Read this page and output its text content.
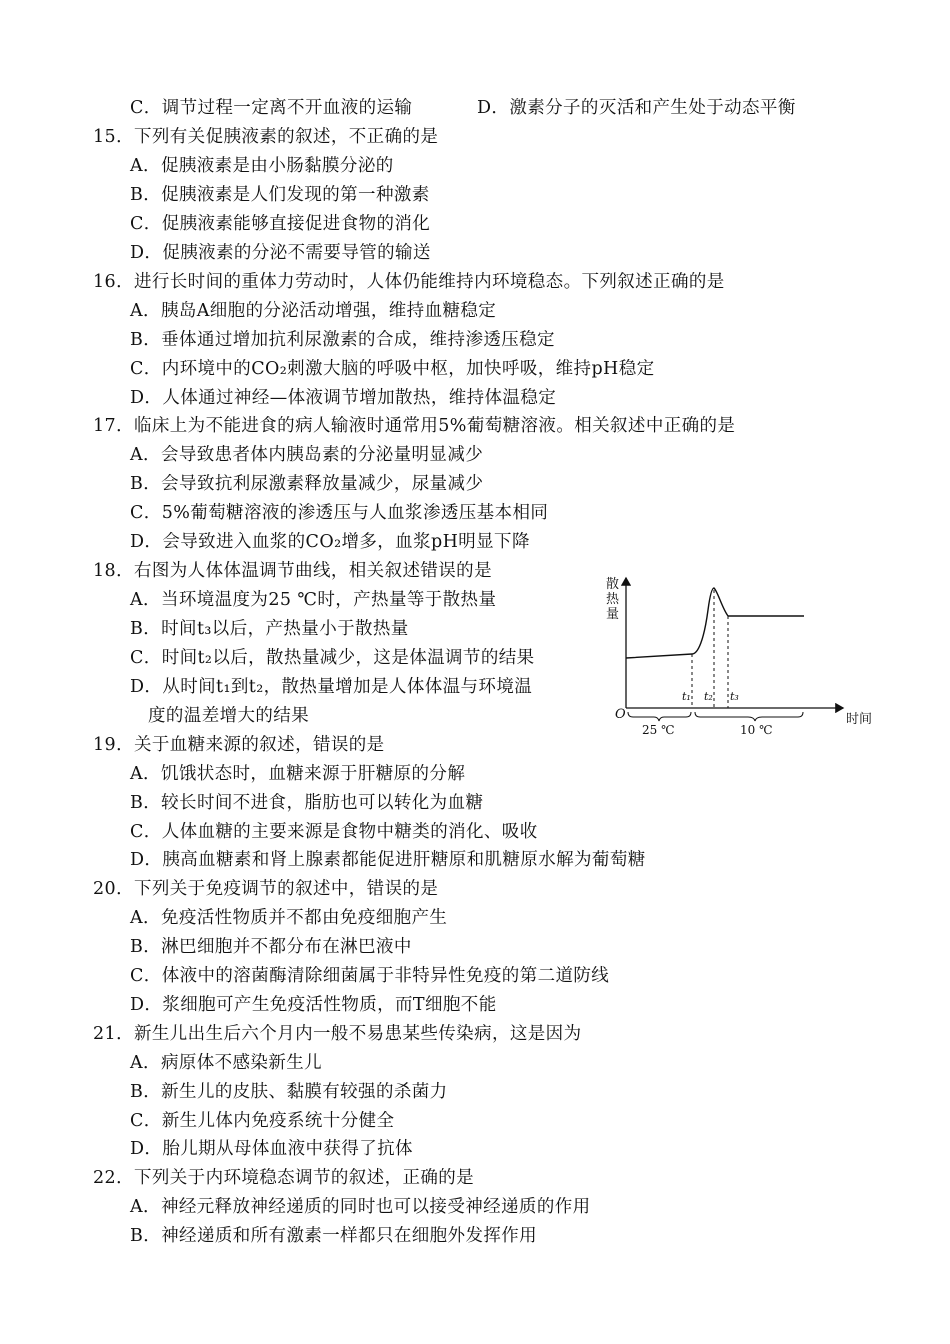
C．调节过程一定离不开血液的运输	D．激素分子的灭活和产生处于动态平衡
15．下列有关促胰液素的叙述，不正确的是
A．促胰液素是由小肠黏膜分泌的
B．促胰液素是人们发现的第一种激素
C．促胰液素能够直接促进食物的消化
D．促胰液素的分泌不需要导管的输送
16．进行长时间的重体力劳动时，人体仍能维持内环境稳态。下列叙述正确的是
A．胰岛A细胞的分泌活动增强，维持血糖稳定
B．垂体通过增加抗利尿激素的合成，维持渗透压稳定
C．内环境中的CO₂刺激大脑的呼吸中枢，加快呼吸，维持pH稳定
D．人体通过神经—体液调节增加散热，维持体温稳定
17．临床上为不能进食的病人输液时通常用5%葡萄糖溶液。相关叙述中正确的是
A．会导致患者体内胰岛素的分泌量明显减少
B．会导致抗利尿激素释放量减少，尿量减少
C．5%葡萄糖溶液的渗透压与人血浆渗透压基本相同
D．会导致进入血浆的CO₂增多，血浆pH明显下降
18．右图为人体体温调节曲线，相关叙述错误的是
A．当环境温度为25 ℃时，产热量等于散热量
B．时间t₃以后，产热量小于散热量
C．时间t₂以后，散热量减少，这是体温调节的结果
D．从时间t₁到t₂，散热量增加是人体体温与环境温
度的温差增大的结果
散
热
量
O	时间
t₁ t₂ t₃
25 ℃	10 ℃
19．关于血糖来源的叙述，错误的是
A．饥饿状态时，血糖来源于肝糖原的分解
B．较长时间不进食，脂肪也可以转化为血糖
C．人体血糖的主要来源是食物中糖类的消化、吸收
D．胰高血糖素和肾上腺素都能促进肝糖原和肌糖原水解为葡萄糖
20．下列关于免疫调节的叙述中，错误的是
A．免疫活性物质并不都由免疫细胞产生
B．淋巴细胞并不都分布在淋巴液中
C．体液中的溶菌酶清除细菌属于非特异性免疫的第二道防线
D．浆细胞可产生免疫活性物质，而T细胞不能
21．新生儿出生后六个月内一般不易患某些传染病，这是因为
A．病原体不感染新生儿
B．新生儿的皮肤、黏膜有较强的杀菌力
C．新生儿体内免疫系统十分健全
D．胎儿期从母体血液中获得了抗体
22．下列关于内环境稳态调节的叙述，正确的是
A．神经元释放神经递质的同时也可以接受神经递质的作用
B．神经递质和所有激素一样都只在细胞外发挥作用
